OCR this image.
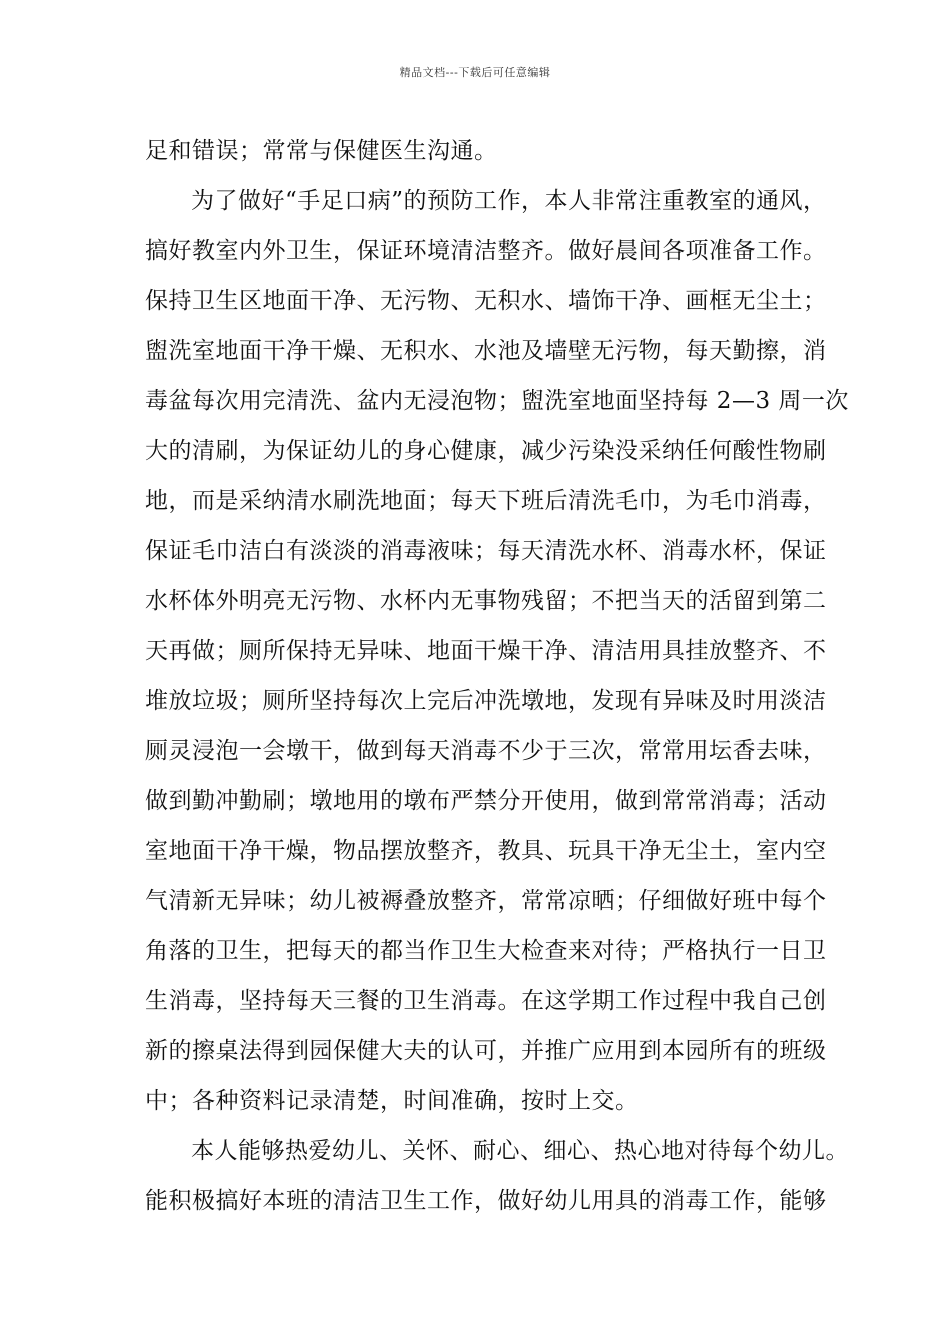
精品文档---下载后可任意编辑
足和错误；常常与保健医生沟通。
为了做好“手足口病”的预防工作，本人非常注重教室的通风，
搞好教室内外卫生，保证环境清洁整齐。做好晨间各项准备工作。
保持卫生区地面干净、无污物、无积水、墙饰干净、画框无尘土；
盥洗室地面干净干燥、无积水、水池及墙壁无污物，每天勤擦，消
毒盆每次用完清洗、盆内无浸泡物；盥洗室地面坚持每 2—3 周一次
大的清刷，为保证幼儿的身心健康，减少污染没采纳任何酸性物刷
地，而是采纳清水刷洗地面；每天下班后清洗毛巾，为毛巾消毒，
保证毛巾洁白有淡淡的消毒液味；每天清洗水杯、消毒水杯，保证
水杯体外明亮无污物、水杯内无事物残留；不把当天的活留到第二
天再做；厕所保持无异味、地面干燥干净、清洁用具挂放整齐、不
堆放垃圾；厕所坚持每次上完后冲洗墩地，发现有异味及时用淡洁
厕灵浸泡一会墩干，做到每天消毒不少于三次，常常用坛香去味，
做到勤冲勤刷；墩地用的墩布严禁分开使用，做到常常消毒；活动
室地面干净干燥，物品摆放整齐，教具、玩具干净无尘土，室内空
气清新无异味；幼儿被褥叠放整齐，常常凉晒；仔细做好班中每个
角落的卫生，把每天的都当作卫生大检查来对待；严格执行一日卫
生消毒，坚持每天三餐的卫生消毒。在这学期工作过程中我自己创
新的擦桌法得到园保健大夫的认可，并推广应用到本园所有的班级
中；各种资料记录清楚，时间准确，按时上交。
本人能够热爱幼儿、关怀、耐心、细心、热心地对待每个幼儿。
能积极搞好本班的清洁卫生工作，做好幼儿用具的消毒工作，能够
